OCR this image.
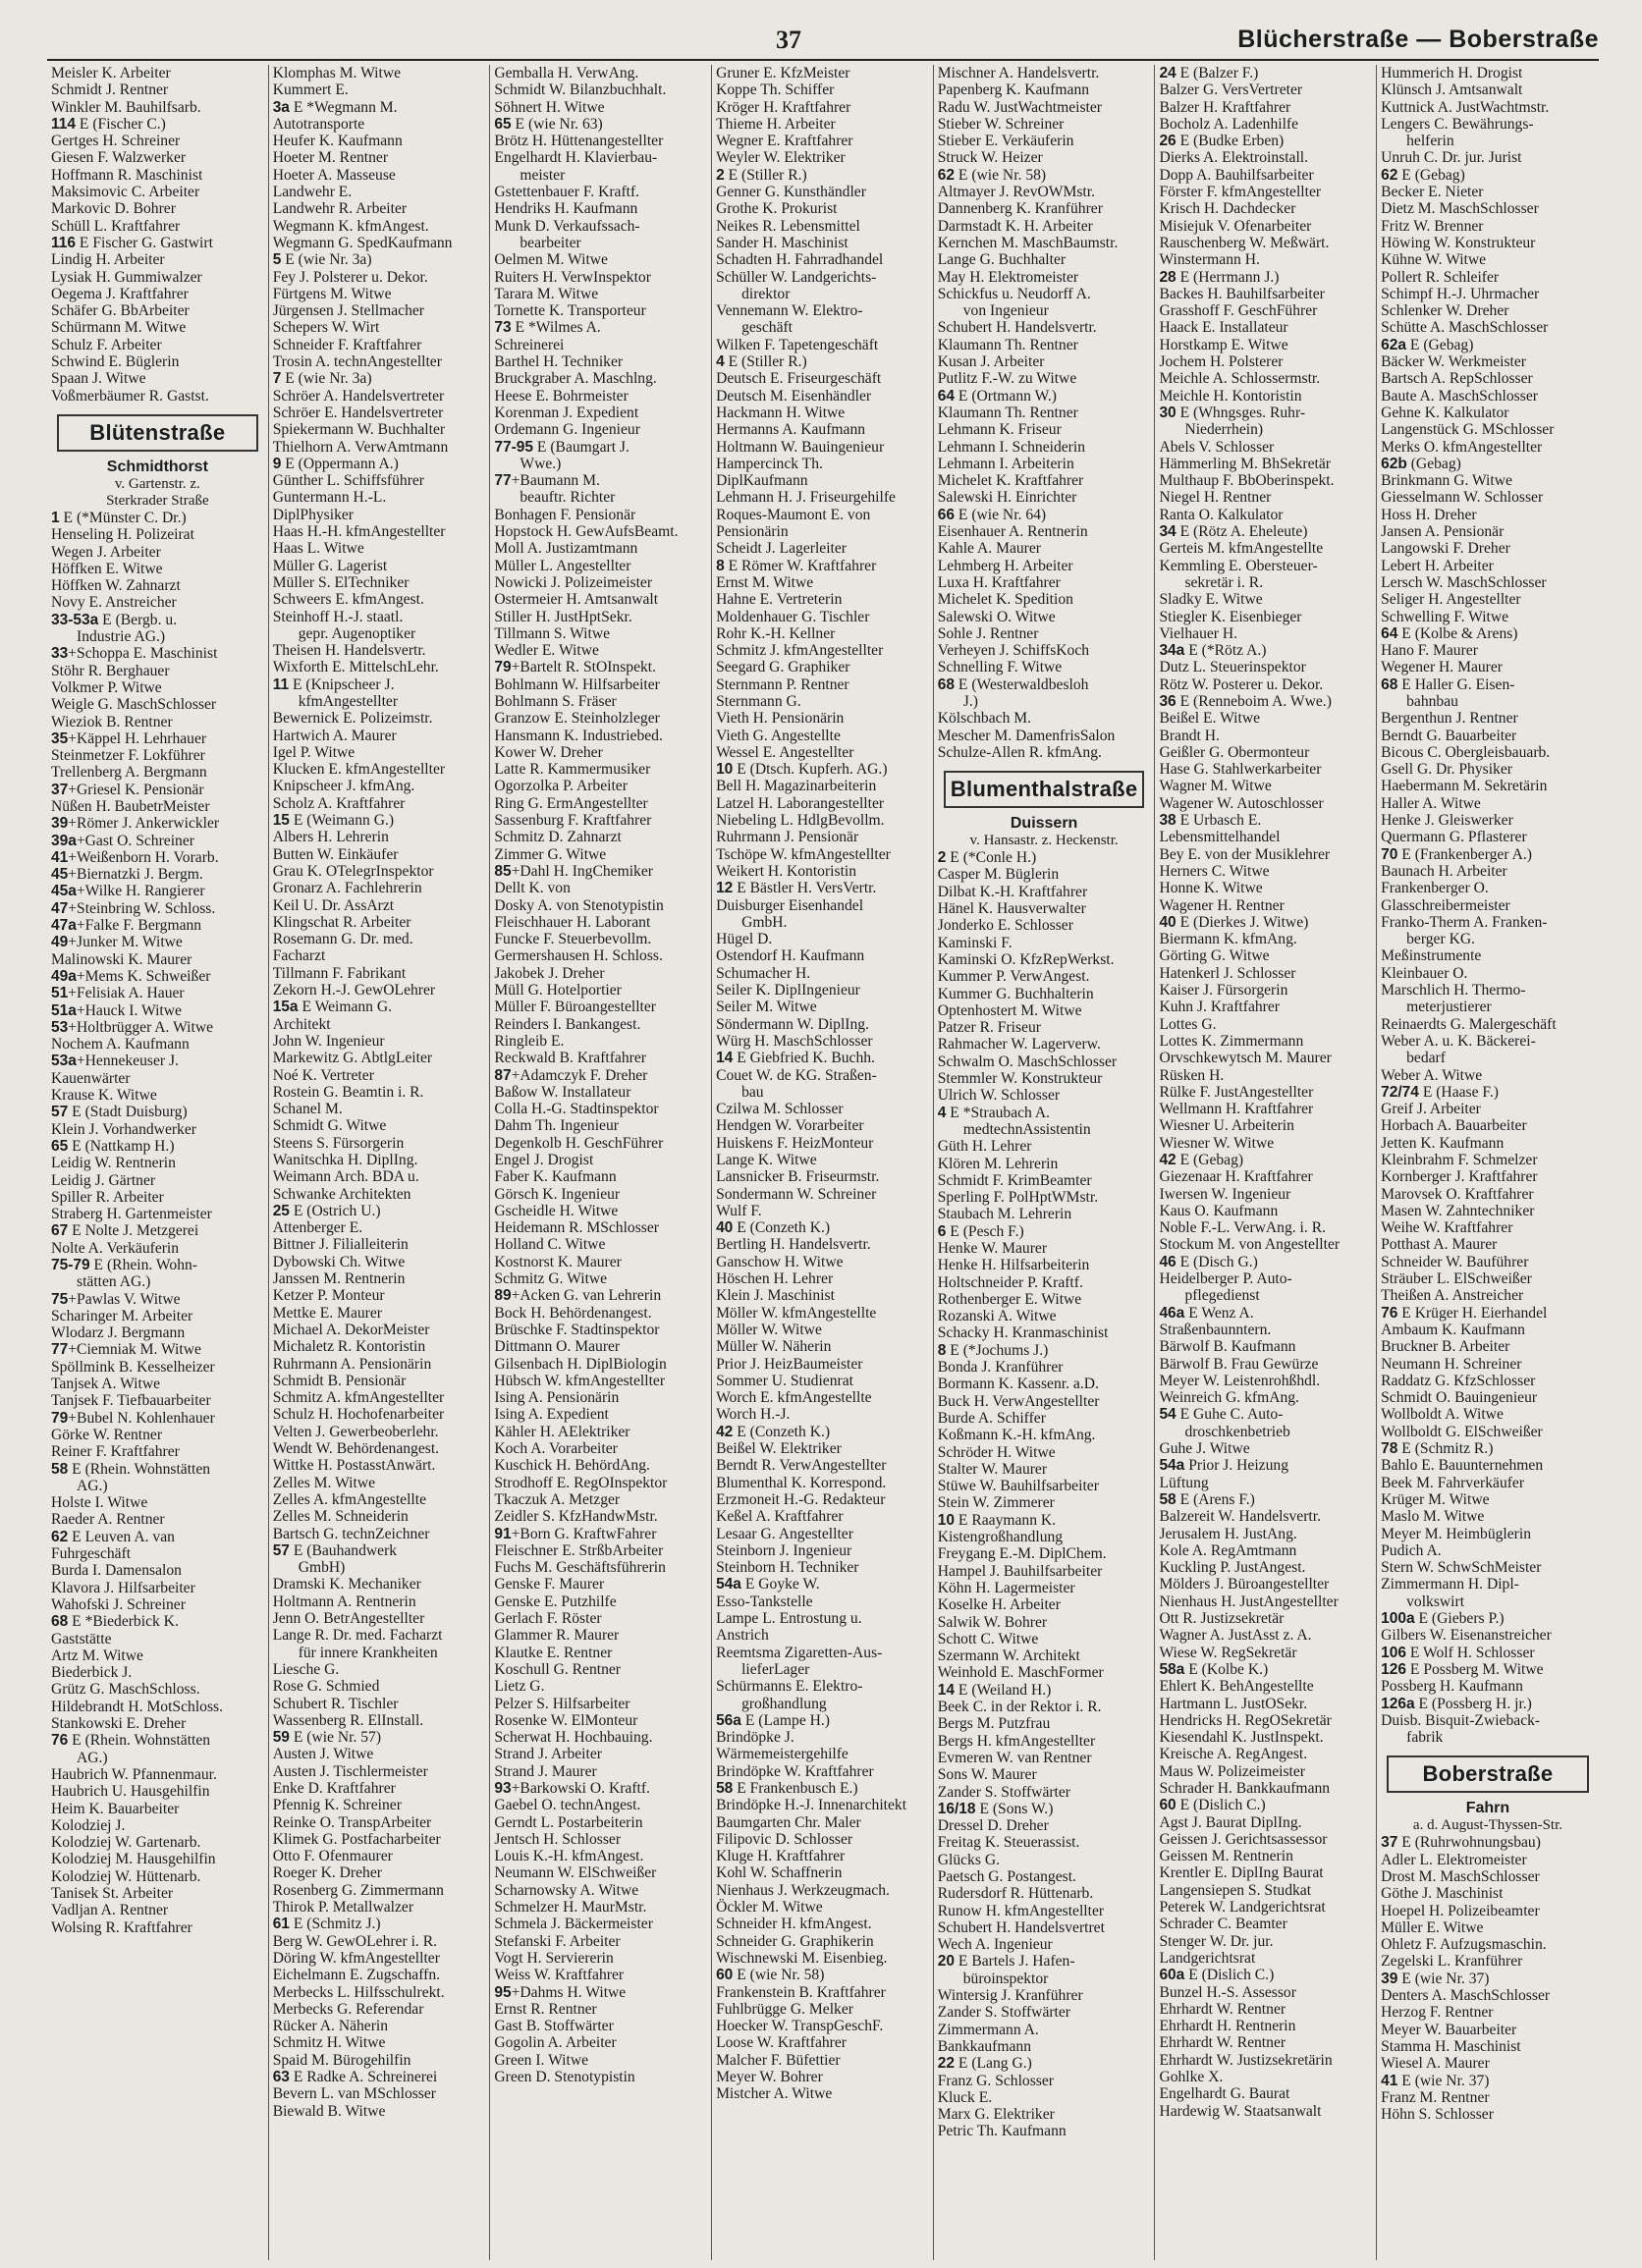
37	Blücherstraße — Boberstraße
Meisler K. Arbeiter
Schmidt J. Rentner
Winkler M. Bauhilfsarb.
114 E (Fischer C.)
Gertges H. Schreiner
Giesen F. Walzwerker
Hoffmann R. Maschinist
Maksimovic C. Arbeiter
Markovic D. Bohrer
Schüll L. Kraftfahrer
116 E Fischer G. Gastwirt
Lindig H. Arbeiter
Lysiak H. Gummiwalzer
Oegema J. Kraftfahrer
Schäfer G. BbArbeiter
Schürmann M. Witwe
Schulz F. Arbeiter
Schwind E. Büglerin
Spaan J. Witwe
Voßmerbäumer R. Gastst.
Blütenstraße
Schmidthorst
v. Gartenstr. z.
Sterkrader Straße
1 E (*Münster C. Dr.)
Henseling H. Polizeirat
Wegen J. Arbeiter
Höffken E. Witwe
Höffken W. Zahnarzt
Novy E. Anstreicher
33-53a E (Bergb. u.
Industrie AG.)
33+Schoppa E. Maschinist
Stöhr R. Berghauer
Volkmer P. Witwe
Weigle G. MaschSchlosser
Wieziok B. Rentner
35+Käppel H. Lehrhauer
Steinmetzer F. Lokführer
Trellenberg A. Bergmann
37+Griesel K. Pensionär
Nüßen H. BaubetrMeister
39+Römer J. Ankerwickler
39a+Gast O. Schreiner
41+Weißenborn H. Vorarb.
45+Biernatzki J. Bergm.
45a+Wilke H. Rangierer
47+Steinbring W. Schloss.
47a+Falke F. Bergmann
49+Junker M. Witwe
Malinowski K. Maurer
49a+Mems K. Schweißer
51+Felisiak A. Hauer
51a+Hauck I. Witwe
53+Holtbrügger A. Witwe
Nochem A. Kaufmann
53a+Hennekeuser J.
Kauenwärter
Krause K. Witwe
57 E (Stadt Duisburg)
Klein J. Vorhandwerker
65 E (Nattkamp H.)
Leidig W. Rentnerin
Leidig J. Gärtner
Spiller R. Arbeiter
Straberg H. Gartenmeister
67 E Nolte J. Metzgerei
Nolte A. Verkäuferin
75-79 E (Rhein. Wohn-
stätten AG.)
75+Pawlas V. Witwe
Scharinger M. Arbeiter
Wlodarz J. Bergmann
77+Ciemniak M. Witwe
Spöllmink B. Kesselheizer
Tanjsek A. Witwe
Tanjsek F. Tiefbauarbeiter
79+Bubel N. Kohlenhauer
Görke W. Rentner
Reiner F. Kraftfahrer
58 E (Rhein. Wohnstätten
AG.)
Holste I. Witwe
Raeder A. Rentner
62 E Leuven A. van
Fuhrgeschäft
Burda I. Damensalon
Klavora J. Hilfsarbeiter
Wahofski J. Schreiner
68 E *Biederbick K.
Gaststätte
Artz M. Witwe
Biederbick J.
Grütz G. MaschSchloss.
Hildebrandt H. MotSchloss.
Stankowski E. Dreher
76 E (Rhein. Wohnstätten
AG.)
Haubrich W. Pfannenmaur.
Haubrich U. Hausgehilfin
Heim K. Bauarbeiter
Kolodziej J.
Kolodziej W. Gartenarb.
Kolodziej M. Hausgehilfin
Kolodziej W. Hüttenarb.
Tanisek St. Arbeiter
Vadljan A. Rentner
Wolsing R. Kraftfahrer
Klomphas M. Witwe
Kummert E.
3a E *Wegmann M.
Autotransporte
Heufer K. Kaufmann
Hoeter M. Rentner
Hoeter A. Masseuse
Landwehr E.
Landwehr R. Arbeiter
Wegmann K. kfmAngest.
Wegmann G. SpedKaufmann
5 E (wie Nr. 3a)
Fey J. Polsterer u. Dekor.
Fürtgens M. Witwe
Jürgensen J. Stellmacher
Schepers W. Wirt
Schneider F. Kraftfahrer
Trosin A. technAngestellter
7 E (wie Nr. 3a)
Schröer A. Handelsvertreter
Schröer E. Handelsvertreter
Spiekermann W. Buchhalter
Thielhorn A. VerwAmtmann
9 E (Oppermann A.)
Günther L. Schiffsführer
Guntermann H.-L.
DiplPhysiker
Haas H.-H. kfmAngestellter
Haas L. Witwe
Müller G. Lagerist
Müller S. ElTechniker
Schweers E. kfmAngest.
Steinhoff H.-J. staatl.
gepr. Augenoptiker
Theisen H. Handelsvertr.
Wixforth E. MittelschLehr.
11 E (Knipscheer J.
kfmAngestellter
Bewernick E. Polizeimstr.
Hartwich A. Maurer
Igel P. Witwe
Klucken E. kfmAngestellter
Knipscheer J. kfmAng.
Scholz A. Kraftfahrer
15 E (Weimann G.)
Albers H. Lehrerin
Butten W. Einkäufer
Grau K. OTelegrInspektor
Gronarz A. Fachlehrerin
Keil U. Dr. AssArzt
Klingschat R. Arbeiter
Rosemann G. Dr. med.
Facharzt
Tillmann F. Fabrikant
Zekorn H.-J. GewOLehrer
15a E Weimann G.
Architekt
John W. Ingenieur
Markewitz G. AbtlgLeiter
Noé K. Vertreter
Rostein G. Beamtin i. R.
Schanel M.
Schmidt G. Witwe
Steens S. Fürsorgerin
Wanitschka H. DiplIng.
Weimann Arch. BDA u.
Schwanke Architekten
25 E (Ostrich U.)
Attenberger E.
Bittner J. Filialleiterin
Dybowski Ch. Witwe
Janssen M. Rentnerin
Ketzer P. Monteur
Mettke E. Maurer
Michael A. DekorMeister
Michaletz R. Kontoristin
Ruhrmann A. Pensionärin
Schmidt B. Pensionär
Schmitz A. kfmAngestellter
Schulz H. Hochofenarbeiter
Velten J. Gewerbeoberlehr.
Wendt W. Behördenangest.
Wittke H. PostasstAnwärt.
Zelles M. Witwe
Zelles A. kfmAngestellte
Zelles M. Schneiderin
Bartsch G. technZeichner
57 E (Bauhandwerk
GmbH)
Dramski K. Mechaniker
Holtmann A. Rentnerin
Jenn O. BetrAngestellter
Lange R. Dr. med. Facharzt
für innere Krankheiten
Liesche G.
Rose G. Schmied
Schubert R. Tischler
Wassenberg R. ElInstall.
59 E (wie Nr. 57)
Austen J. Witwe
Austen J. Tischlermeister
Enke D. Kraftfahrer
Pfennig K. Schreiner
Reinke O. TranspArbeiter
Klimek G. Postfacharbeiter
Otto F. Ofenmaurer
Roeger K. Dreher
Rosenberg G. Zimmermann
Thirok P. Metallwalzer
61 E (Schmitz J.)
Berg W. GewOLehrer i. R.
Döring W. kfmAngestellter
Eichelmann E. Zugschaffn.
Merbecks L. Hilfsschulrekt.
Merbecks G. Referendar
Rücker A. Näherin
Schmitz H. Witwe
Spaid M. Bürogehilfin
63 E Radke A. Schreinerei
Bevern L. van MSchlosser
Biewald B. Witwe
Gemballa H. VerwAng.
Schmidt W. Bilanzbuchhalt.
Söhnert H. Witwe
65 E (wie Nr. 63)
Brötz H. Hüttenangestellter
Engelhardt H. Klavierbau-
meister
Gstettenbauer F. Kraftf.
Hendriks H. Kaufmann
Munk D. Verkaufssach-
bearbeiter
Oelmen M. Witwe
Ruiters H. VerwInspektor
Tarara M. Witwe
Tornette K. Transporteur
73 E *Wilmes A.
Schreinerei
Barthel H. Techniker
Bruckgraber A. Maschlng.
Heese E. Bohrmeister
Korenman J. Expedient
Ordemann G. Ingenieur
77-95 E (Baumgart J.
Wwe.)
77+Baumann M.
beauftr. Richter
Bonhagen F. Pensionär
Hopstock H. GewAufsBeamt.
Moll A. Justizamtmann
Müller L. Angestellter
Nowicki J. Polizeimeister
Ostermeier H. Amtsanwalt
Stiller H. JustHptSekr.
Tillmann S. Witwe
Wedler E. Witwe
79+Bartelt R. StOInspekt.
Bohlmann W. Hilfsarbeiter
Bohlmann S. Fräser
Granzow E. Steinholzleger
Hansmann K. Industriebed.
Kower W. Dreher
Latte R. Kammermusiker
Ogorzolka P. Arbeiter
Ring G. ErmAngestellter
Sassenburg F. Kraftfahrer
Schmitz D. Zahnarzt
Zimmer G. Witwe
85+Dahl H. IngChemiker
Dellt K. von
Dosky A. von Stenotypistin
Fleischhauer H. Laborant
Funcke F. Steuerbevollm.
Germershausen H. Schloss.
Jakobek J. Dreher
Müll G. Hotelportier
Müller F. Büroangestellter
Reinders I. Bankangest.
Ringleib E.
Reckwald B. Kraftfahrer
87+Adamczyk F. Dreher
Baßow W. Installateur
Colla H.-G. Stadtinspektor
Dahm Th. Ingenieur
Degenkolb H. GeschFührer
Engel J. Drogist
Faber K. Kaufmann
Görsch K. Ingenieur
Gscheidle H. Witwe
Heidemann R. MSchlosser
Holland C. Witwe
Kostnorst K. Maurer
Schmitz G. Witwe
89+Acken G. van Lehrerin
Bock H. Behördenangest.
Brüschke F. Stadtinspektor
Dittmann O. Maurer
Gilsenbach H. DiplBiologin
Hübsch W. kfmAngestellter
Ising A. Pensionärin
Ising A. Expedient
Kähler H. AElektriker
Koch A. Vorarbeiter
Kuschick H. BehördAng.
Strodhoff E. RegOInspektor
Tkaczuk A. Metzger
Zeidler S. KfzHandwMstr.
91+Born G. KraftwFahrer
Fleischner E. StrßbArbeiter
Fuchs M. Geschäftsführerin
Genske F. Maurer
Genske E. Putzhilfe
Gerlach F. Röster
Glammer R. Maurer
Klautke E. Rentner
Koschull G. Rentner
Lietz G.
Pelzer S. Hilfsarbeiter
Rosenke W. ElMonteur
Scherwat H. Hochbauing.
Strand J. Arbeiter
Strand J. Maurer
93+Barkowski O. Kraftf.
Gaebel O. technAngest.
Gerndt L. Postarbeiterin
Jentsch H. Schlosser
Louis K.-H. kfmAngest.
Neumann W. ElSchweißer
Scharnowsky A. Witwe
Schmelzer H. MaurMstr.
Schmela J. Bäckermeister
Stefanski F. Arbeiter
Vogt H. Serviererin
Weiss W. Kraftfahrer
95+Dahms H. Witwe
Ernst R. Rentner
Gast B. Stoffwärter
Gogolin A. Arbeiter
Green I. Witwe
Green D. Stenotypistin
Gruner E. KfzMeister
Koppe Th. Schiffer
Kröger H. Kraftfahrer
Thieme H. Arbeiter
Wegner E. Kraftfahrer
Weyler W. Elektriker
2 E (Stiller R.)
Genner G. Kunsthändler
Grothe K. Prokurist
Neikes R. Lebensmittel
Sander H. Maschinist
Schadten H. Fahrradhandel
Schüller W. Landgerichts-
direktor
Vennemann W. Elektro-
geschäft
Wilken F. Tapetengeschäft
4 E (Stiller R.)
Deutsch E. Friseurgeschäft
Deutsch M. Eisenhändler
Hackmann H. Witwe
Hermanns A. Kaufmann
Holtmann W. Bauingenieur
Hampercinck Th.
DiplKaufmann
Lehmann H. J. Friseurgehilfe
Roques-Maumont E. von
Pensionärin
Scheidt J. Lagerleiter
8 E Römer W. Kraftfahrer
Ernst M. Witwe
Hahne E. Vertreterin
Moldenhauer G. Tischler
Rohr K.-H. Kellner
Schmitz J. kfmAngestellter
Seegard G. Graphiker
Sternmann P. Rentner
Sternmann G.
Vieth H. Pensionärin
Vieth G. Angestellte
Wessel E. Angestellter
10 E (Dtsch. Kupferh. AG.)
Bell H. Magazinarbeiterin
Latzel H. Laborangestellter
Niebeling L. HdlgBevollm.
Ruhrmann J. Pensionär
Tschöpe W. kfmAngestellter
Weikert H. Kontoristin
12 E Bästler H. VersVertr.
Duisburger Eisenhandel
GmbH.
Hügel D.
Ostendorf H. Kaufmann
Schumacher H.
Seiler K. DiplIngenieur
Seiler M. Witwe
Söndermann W. DiplIng.
Würg H. MaschSchlosser
14 E Giebfried K. Buchh.
Couet W. de KG. Straßen-
bau
Czilwa M. Schlosser
Hendgen W. Vorarbeiter
Huiskens F. HeizMonteur
Lange K. Witwe
Lansnicker B. Friseurmstr.
Sondermann W. Schreiner
Wulf F.
40 E (Conzeth K.)
Bertling H. Handelsvertr.
Ganschow H. Witwe
Höschen H. Lehrer
Klein J. Maschinist
Möller W. kfmAngestellte
Möller W. Witwe
Müller W. Näherin
Prior J. HeizBaumeister
Sommer U. Studienrat
Worch E. kfmAngestellte
Worch H.-J.
42 E (Conzeth K.)
Beißel W. Elektriker
Berndt R. VerwAngestellter
Blumenthal K. Korrespond.
Erzmoneit H.-G. Redakteur
Keßel A. Kraftfahrer
Lesaar G. Angestellter
Steinborn J. Ingenieur
Steinborn H. Techniker
54a E Goyke W.
Esso-Tankstelle
Lampe L. Entrostung u.
Anstrich
Reemtsma Zigaretten-Aus-
lieferLager
Schürmanns E. Elektro-
großhandlung
56a E (Lampe H.)
Brindöpke J.
Wärmemeistergehilfe
Brindöpke W. Kraftfahrer
58 E Frankenbusch E.)
Brindöpke H.-J. Innenarchitekt
Baumgarten Chr. Maler
Filipovic D. Schlosser
Kluge H. Kraftfahrer
Kohl W. Schaffnerin
Nienhaus J. Werkzeugmach.
Öckler M. Witwe
Schneider H. kfmAngest.
Schneider G. Graphikerin
Wischnewski M. Eisenbieg.
60 E (wie Nr. 58)
Frankenstein B. Kraftfahrer
Fuhlbrügge G. Melker
Hoecker W. TranspGeschF.
Loose W. Kraftfahrer
Malcher F. Büfettier
Meyer W. Bohrer
Mistcher A. Witwe
Mischner A. Handelsvertr.
Papenberg K. Kaufmann
Radu W. JustWachtmeister
Stieber W. Schreiner
Stieber E. Verkäuferin
Struck W. Heizer
62 E (wie Nr. 58)
Altmayer J. RevOWMstr.
Dannenberg K. Kranführer
Darmstadt K. H. Arbeiter
Kernchen M. MaschBaumstr.
Lange G. Buchhalter
May H. Elektromeister
Schickfus u. Neudorff A.
von Ingenieur
Schubert H. Handelsvertr.
Klaumann Th. Rentner
Kusan J. Arbeiter
Putlitz F.-W. zu Witwe
64 E (Ortmann W.)
Klaumann Th. Rentner
Lehmann K. Friseur
Lehmann I. Schneiderin
Lehmann I. Arbeiterin
Michelet K. Kraftfahrer
Salewski H. Einrichter
66 E (wie Nr. 64)
Eisenhauer A. Rentnerin
Kahle A. Maurer
Lehmberg H. Arbeiter
Luxa H. Kraftfahrer
Michelet K. Spedition
Salewski O. Witwe
Sohle J. Rentner
Verheyen J. SchiffsKoch
Schnelling F. Witwe
68 E (Westerwaldbesloh
J.)
Kölschbach M.
Mescher M. DamenfrisSalon
Schulze-Allen R. kfmAng.
Blumenthalstraße
Duissern
v. Hansastr. z. Heckenstr.
2 E (*Conle H.)
Casper M. Büglerin
Dilbat K.-H. Kraftfahrer
Hänel K. Hausverwalter
Jonderko E. Schlosser
Kaminski F.
Kaminski O. KfzRepWerkst.
Kummer P. VerwAngest.
Kummer G. Buchhalterin
Optenhostert M. Witwe
Patzer R. Friseur
Rahmacher W. Lagerverw.
Schwalm O. MaschSchlosser
Stemmler W. Konstrukteur
Ulrich W. Schlosser
4 E *Straubach A.
medtechnAssistentin
Güth H. Lehrer
Klören M. Lehrerin
Schmidt F. KrimBeamter
Sperling F. PolHptWMstr.
Staubach M. Lehrerin
6 E (Pesch F.)
Henke W. Maurer
Henke H. Hilfsarbeiterin
Holtschneider P. Kraftf.
Rothenberger E. Witwe
Rozanski A. Witwe
Schacky H. Kranmaschinist
8 E (*Jochums J.)
Bonda J. Kranführer
Bormann K. Kassenr. a.D.
Buck H. VerwAngestellter
Burde A. Schiffer
Koßmann K.-H. kfmAng.
Schröder H. Witwe
Stalter W. Maurer
Stüwe W. Bauhilfsarbeiter
Stein W. Zimmerer
10 E Raaymann K.
Kistengroßhandlung
Freygang E.-M. DiplChem.
Hampel J. Bauhilfsarbeiter
Köhn H. Lagermeister
Koselke H. Arbeiter
Salwik W. Bohrer
Schott C. Witwe
Szermann W. Architekt
Weinhold E. MaschFormer
14 E (Weiland H.)
Beek C. in der Rektor i. R.
Bergs M. Putzfrau
Bergs H. kfmAngestellter
Evmeren W. van Rentner
Sons W. Maurer
Zander S. Stoffwärter
16/18 E (Sons W.)
Dressel D. Dreher
Freitag K. Steuerassist.
Glücks G.
Paetsch G. Postangest.
Rudersdorf R. Hüttenarb.
Runow H. kfmAngestellter
Schubert H. Handelsvertret
Wech A. Ingenieur
20 E Bartels J. Hafen-
büroinspektor
Wintersig J. Kranführer
Zander S. Stoffwärter
Zimmermann A.
Bankkaufmann
22 E (Lang G.)
Franz G. Schlosser
Kluck E.
Marx G. Elektriker
Petric Th. Kaufmann
24 E (Balzer F.)
Balzer G. VersVertreter
Balzer H. Kraftfahrer
Bocholz A. Ladenhilfe
26 E (Budke Erben)
Dierks A. Elektroinstall.
Dopp A. Bauhilfsarbeiter
Förster F. kfmAngestellter
Krisch H. Dachdecker
Misiejuk V. Ofenarbeiter
Rauschenberg W. Meßwärt.
Winstermann H.
28 E (Herrmann J.)
Backes H. Bauhilfsarbeiter
Grasshoff F. GeschFührer
Haack E. Installateur
Horstkamp E. Witwe
Jochem H. Polsterer
Meichle A. Schlossermstr.
Meichle H. Kontoristin
30 E (Whngsges. Ruhr-
Niederrhein)
Abels V. Schlosser
Hämmerling M. BhSekretär
Multhaup F. BbOberinspekt.
Niegel H. Rentner
Ranta O. Kalkulator
34 E (Rötz A. Eheleute)
Gerteis M. kfmAngestellte
Kemmling E. Obersteuer-
sekretär i. R.
Sladky E. Witwe
Stiegler K. Eisenbieger
Vielhauer H.
34a E (*Rötz A.)
Dutz L. Steuerinspektor
Rötz W. Posterer u. Dekor.
36 E (Renneboim A. Wwe.)
Beißel E. Witwe
Brandt H.
Geißler G. Obermonteur
Hase G. Stahlwerkarbeiter
Wagner M. Witwe
Wagener W. Autoschlosser
38 E Urbasch E.
Lebensmittelhandel
Bey E. von der Musiklehrer
Herners C. Witwe
Honne K. Witwe
Wagener H. Rentner
40 E (Dierkes J. Witwe)
Biermann K. kfmAng.
Görting G. Witwe
Hatenkerl J. Schlosser
Kaiser J. Fürsorgerin
Kuhn J. Kraftfahrer
Lottes G.
Lottes K. Zimmermann
Orvschkewytsch M. Maurer
Rüsken H.
Rülke F. JustAngestellter
Wellmann H. Kraftfahrer
Wiesner U. Arbeiterin
Wiesner W. Witwe
42 E (Gebag)
Giezenaar H. Kraftfahrer
Iwersen W. Ingenieur
Kaus O. Kaufmann
Noble F.-L. VerwAng. i. R.
Stockum M. von Angestellter
46 E (Disch G.)
Heidelberger P. Auto-
pflegedienst
46a E Wenz A.
Straßenbaunntern.
Bärwolf B. Kaufmann
Bärwolf B. Frau Gewürze
Meyer W. Leistenrohßhdl.
Weinreich G. kfmAng.
54 E Guhe C. Auto-
droschkenbetrieb
Guhe J. Witwe
54a Prior J. Heizung
Lüftung
58 E (Arens F.)
Balzereit W. Handelsvertr.
Jerusalem H. JustAng.
Kole A. RegAmtmann
Kuckling P. JustAngest.
Mölders J. Büroangestellter
Nienhaus H. JustAngestellter
Ott R. Justizsekretär
Wagner A. JustAsst z. A.
Wiese W. RegSekretär
58a E (Kolbe K.)
Ehlert K. BehAngestellte
Hartmann L. JustOSekr.
Hendricks H. RegOSekretär
Kiesendahl K. JustInspekt.
Kreische A. RegAngest.
Maus W. Polizeimeister
Schrader H. Bankkaufmann
60 E (Dislich C.)
Agst J. Baurat DiplIng.
Geissen J. Gerichtsassessor
Geissen M. Rentnerin
Krentler E. DiplIng Baurat
Langensiepen S. Studkat
Peterek W. Landgerichtsrat
Schrader C. Beamter
Stenger W. Dr. jur.
Landgerichtsrat
60a E (Dislich C.)
Bunzel H.-S. Assessor
Ehrhardt W. Rentner
Ehrhardt H. Rentnerin
Ehrhardt W. Rentner
Ehrhardt W. Justizsekretärin
Gohlke X.
Engelhardt G. Baurat
Hardewig W. Staatsanwalt
Hummerich H. Drogist
Klünsch J. Amtsanwalt
Kuttnick A. JustWachtmstr.
Lengers C. Bewährungs-
helferin
Unruh C. Dr. jur. Jurist
62 E (Gebag)
Becker E. Nieter
Dietz M. MaschSchlosser
Fritz W. Brenner
Höwing W. Konstrukteur
Kühne W. Witwe
Pollert R. Schleifer
Schimpf H.-J. Uhrmacher
Schlenker W. Dreher
Schütte A. MaschSchlosser
62a E (Gebag)
Bäcker W. Werkmeister
Bartsch A. RepSchlosser
Baute A. MaschSchlosser
Gehne K. Kalkulator
Langenstück G. MSchlosser
Merks O. kfmAngestellter
62b (Gebag)
Brinkmann G. Witwe
Giesselmann W. Schlosser
Hoss H. Dreher
Jansen A. Pensionär
Langowski F. Dreher
Lebert H. Arbeiter
Lersch W. MaschSchlosser
Seliger H. Angestellter
Schwelling F. Witwe
64 E (Kolbe & Arens)
Hano F. Maurer
Wegener H. Maurer
68 E Haller G. Eisen-
bahnbau
Bergenthun J. Rentner
Berndt G. Bauarbeiter
Bicous C. Obergleisbauarb.
Gsell G. Dr. Physiker
Haebermann M. Sekretärin
Haller A. Witwe
Henke J. Gleiswerker
Quermann G. Pflasterer
70 E (Frankenberger A.)
Baunach H. Arbeiter
Frankenberger O.
Glasschreibermeister
Franko-Therm A. Franken-
berger KG.
Meßinstrumente
Kleinbauer O.
Marschlich H. Thermo-
meterjustierer
Reinaerdts G. Malergeschäft
Weber A. u. K. Bäckerei-
bedarf
Weber A. Witwe
72/74 E (Haase F.)
Greif J. Arbeiter
Horbach A. Bauarbeiter
Jetten K. Kaufmann
Kleinbrahm F. Schmelzer
Kornberger J. Kraftfahrer
Marovsek O. Kraftfahrer
Masen W. Zahntechniker
Weihe W. Kraftfahrer
Potthast A. Maurer
Schneider W. Bauführer
Sträuber L. ElSchweißer
Theißen A. Anstreicher
76 E Krüger H. Eierhandel
Ambaum K. Kaufmann
Bruckner B. Arbeiter
Neumann H. Schreiner
Raddatz G. KfzSchlosser
Schmidt O. Bauingenieur
Wollboldt A. Witwe
Wollboldt G. ElSchweißer
78 E (Schmitz R.)
Bahlo E. Bauunternehmen
Beek M. Fahrverkäufer
Krüger M. Witwe
Maslo M. Witwe
Meyer M. Heimbüglerin
Pudich A.
Stern W. SchwSchMeister
Zimmermann H. Dipl-
volkswirt
100a E (Giebers P.)
Gilbers W. Eisenanstreicher
106 E Wolf H. Schlosser
126 E Possberg M. Witwe
Possberg H. Kaufmann
126a E (Possberg H. jr.)
Duisb. Bisquit-Zwieback-
fabrik
Boberstraße
Fahrn
a. d. August-Thyssen-Str.
37 E (Ruhrwohnungsbau)
Adler L. Elektromeister
Drost M. MaschSchlosser
Göthe J. Maschinist
Hoepel H. Polizeibeamter
Müller E. Witwe
Ohletz F. Aufzugsmaschin.
Zegelski L. Kranführer
39 E (wie Nr. 37)
Denters A. MaschSchlosser
Herzog F. Rentner
Meyer W. Bauarbeiter
Stamma H. Maschinist
Wiesel A. Maurer
41 E (wie Nr. 37)
Franz M. Rentner
Höhn S. Schlosser
